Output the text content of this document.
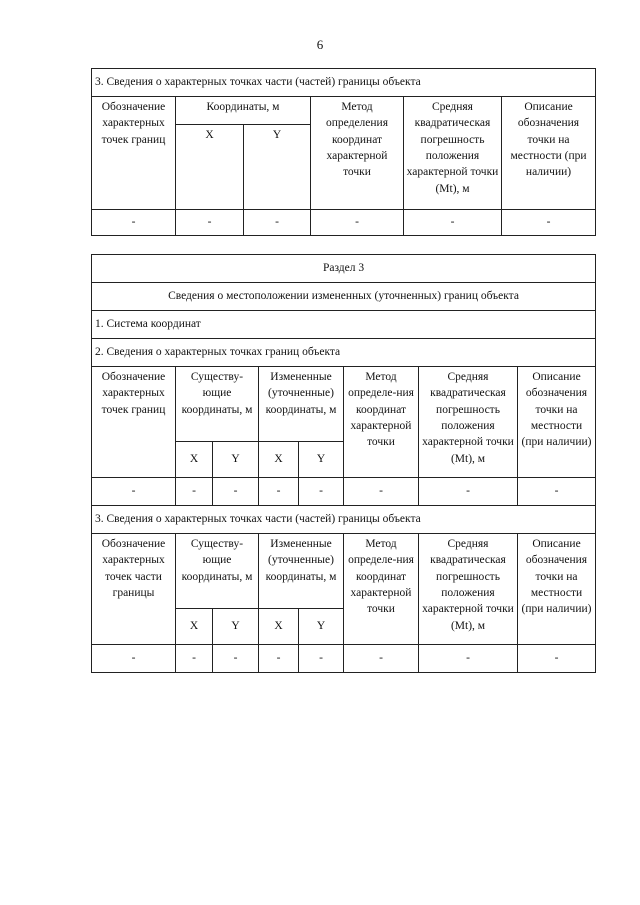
6
3. Сведения о характерных точках части (частей) границы объекта					
Обозначение характерных точек границ	Координаты, м		Метод определения координат характерной точки	Средняя квадратическая погрешность положения характерной точки (Mt), м	Описание обозначения точки на местности (при наличии)
	X	Y			
-	-	-	-	-	-
Раздел 3							
Сведения о местоположении измененных (уточненных) границ объекта							
1. Система координат							
2. Сведения о характерных точках границ объекта							
Обозначение характерных точек границ	Существу-ющие координаты, м		Измененные (уточненные) координаты, м		Метод определе-ния координат характерной точки	Средняя квадратическая погрешность положения характерной точки (Mt), м	Описание обозначения точки на местности (при наличии)
	X	Y	X	Y			
-	-	-	-	-	-	-	-
3. Сведения о характерных точках части (частей) границы объекта							
Обозначение характерных точек части границы	Существу-ющие координаты, м		Измененные (уточненные) координаты, м		Метод определе-ния координат характерной точки	Средняя квадратическая погрешность положения характерной точки (Mt), м	Описание обозначения точки на местности (при наличии)
	X	Y	X	Y			
-	-	-	-	-	-	-	-
